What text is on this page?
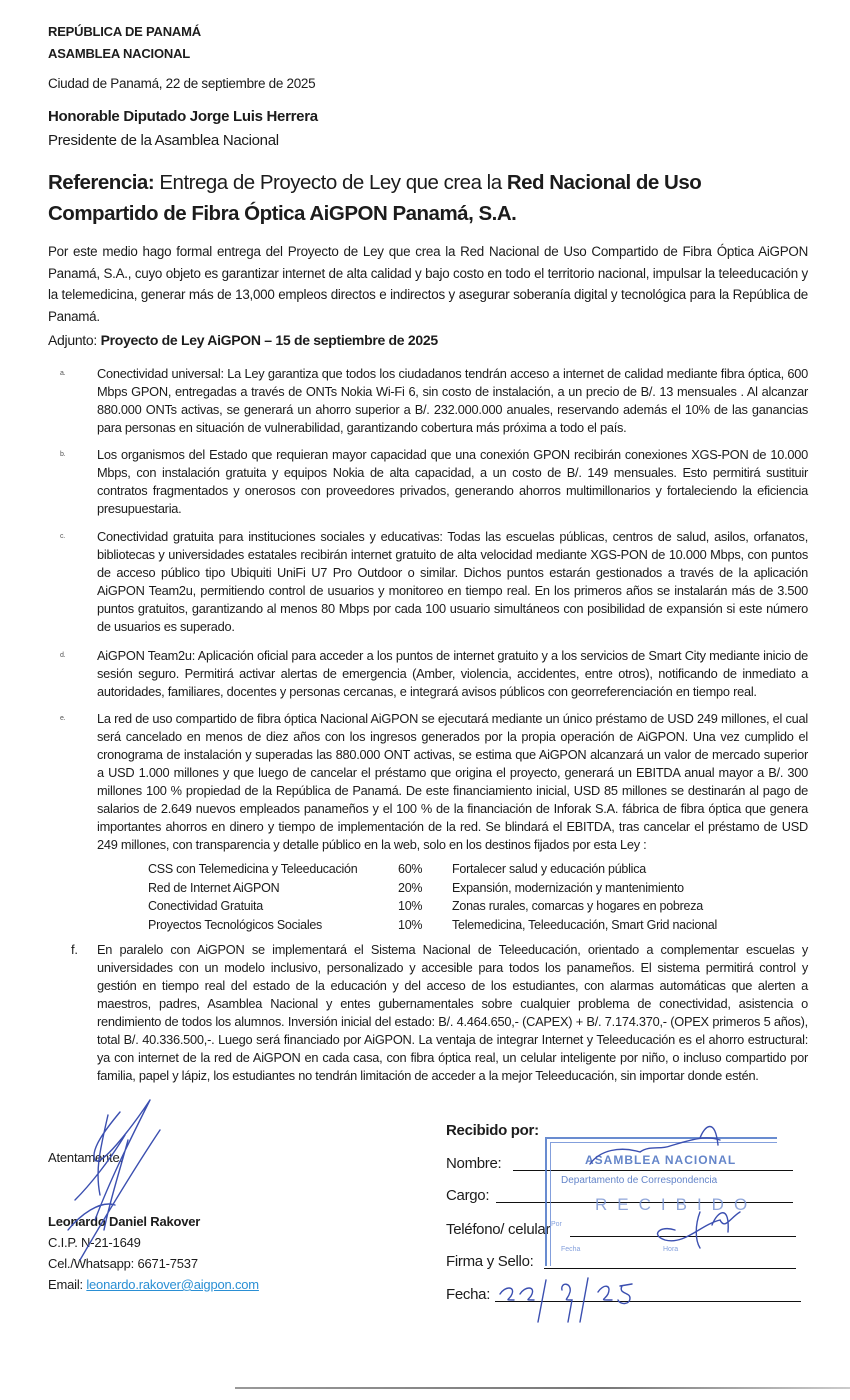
REPÚBLICA DE PANAMÁ
ASAMBLEA NACIONAL
Ciudad de Panamá, 22 de septiembre de 2025
Honorable Diputado Jorge Luis Herrera
Presidente de la Asamblea Nacional
Referencia: Entrega de Proyecto de Ley que crea la Red Nacional de Uso Compartido de Fibra Óptica AiGPON Panamá, S.A.
Por este medio hago formal entrega del Proyecto de Ley que crea la Red Nacional de Uso Compartido de Fibra Óptica AiGPON Panamá, S.A., cuyo objeto es garantizar internet de alta calidad y bajo costo en todo el territorio nacional, impulsar la teleeducación y la telemedicina, generar más de 13,000 empleos directos e indirectos y asegurar soberanía digital y tecnológica para la República de Panamá.
Adjunto: Proyecto de Ley AiGPON – 15 de septiembre de 2025
a. Conectividad universal: La Ley garantiza que todos los ciudadanos tendrán acceso a internet de calidad mediante fibra óptica, 600 Mbps GPON, entregadas a través de ONTs Nokia Wi-Fi 6, sin costo de instalación, a un precio de B/. 13 mensuales . Al alcanzar 880.000 ONTs activas, se generará un ahorro superior a B/. 232.000.000 anuales, reservando además el 10% de las ganancias para personas en situación de vulnerabilidad, garantizando cobertura más próxima a todo el país.
b. Los organismos del Estado que requieran mayor capacidad que una conexión GPON recibirán conexiones XGS-PON de 10.000 Mbps, con instalación gratuita y equipos Nokia de alta capacidad, a un costo de B/. 149 mensuales. Esto permitirá sustituir contratos fragmentados y onerosos con proveedores privados, generando ahorros multimillonarios y fortaleciendo la eficiencia presupuestaria.
c.	Conectividad gratuita para instituciones sociales y educativas: Todas las escuelas públicas, centros de salud, asilos, orfanatos, bibliotecas y universidades estatales recibirán internet gratuito de alta velocidad mediante XGS-PON de 10.000 Mbps, con puntos de acceso público tipo Ubiquiti UniFi U7 Pro Outdoor o similar. Dichos puntos estarán gestionados a través de la aplicación AiGPON Team2u, permitiendo control de usuarios y monitoreo en tiempo real. En los primeros años se instalarán más de 3.500 puntos gratuitos, garantizando al menos 80 Mbps por cada 100 usuario simultáneos con posibilidad de expansión si este número de usuarios es superado.
d. AiGPON Team2u: Aplicación oficial para acceder a los puntos de internet gratuito y a los servicios de Smart City mediante inicio de sesión seguro. Permitirá activar alertas de emergencia (Amber, violencia, accidentes, entre otros), notificando de inmediato a autoridades, familiares, docentes y personas cercanas, e integrará avisos públicos con georreferenciación en tiempo real.
e. La red de uso compartido de fibra óptica Nacional AiGPON se ejecutará mediante un único préstamo de USD 249 millones, el cual será cancelado en menos de diez años con los ingresos generados por la propia operación de AiGPON. Una vez cumplido el cronograma de instalación y superadas las 880.000 ONT activas, se estima que AiGPON alcanzará un valor de mercado superior a USD 1.000 millones y que luego de cancelar el préstamo que origina el proyecto, generará un EBITDA anual mayor a B/. 300 millones 100 % propiedad de la República de Panamá. De este financiamiento inicial, USD 85 millones se destinarán al pago de salarios de 2.649 nuevos empleados panameños y el 100 % de la financiación de Inforak S.A. fábrica de fibra óptica que genera importantes ahorros en dinero y tiempo de implementación de la red. Se blindará el EBITDA, tras cancelar el préstamo de USD 249 millones, con transparencia y detalle público en la web, solo en los destinos fijados por esta Ley :
CSS con Telemedicina y Teleeducación	60% Fortalecer salud y educación pública
Red de Internet AiGPON	20% Expansión, modernización y mantenimiento
Conectividad Gratuita	10% Zonas rurales, comarcas y hogares en pobreza
Proyectos Tecnológicos Sociales	10% Telemedicina, Teleeducación, Smart Grid nacional
f. En paralelo con AiGPON se implementará el Sistema Nacional de Teleeducación, orientado a complementar escuelas y universidades con un modelo inclusivo, personalizado y accesible para todos los panameños. El sistema permitirá control y gestión en tiempo real del estado de la educación y del acceso de los estudiantes, con alarmas automáticas que alerten a maestros, padres, Asamblea Nacional y entes gubernamentales sobre cualquier problema de conectividad, asistencia o rendimiento de todos los alumnos. Inversión inicial del estado: B/. 4.464.650,- (CAPEX) + B/. 7.174.370,- (OPEX primeros 5 años), total B/. 40.336.500,-. Luego será financiado por AiGPON. La ventaja de integrar Internet y Teleeducación es el ahorro estructural: ya con internet de la red de AiGPON en cada casa, con fibra óptica real, un celular inteligente por niño, o incluso compartido por familia, papel y lápiz, los estudiantes no tendrán limitación de acceder a la mejor Teleeducación, sin importar donde estén.
Atentamente,
Leonardo Daniel Rakover
C.I.P. N-21-1649
Cel./Whatsapp: 6671-7537
Email: leonardo.rakover@aigpon.com
Recibido por:
Nombre:
Cargo:
Teléfono/ celular
Firma y Sello:
Fecha:
ASAMBLEA NACIONAL
Departamento de Correspondencia
RECIBIDO
Por
Fecha	Hora
